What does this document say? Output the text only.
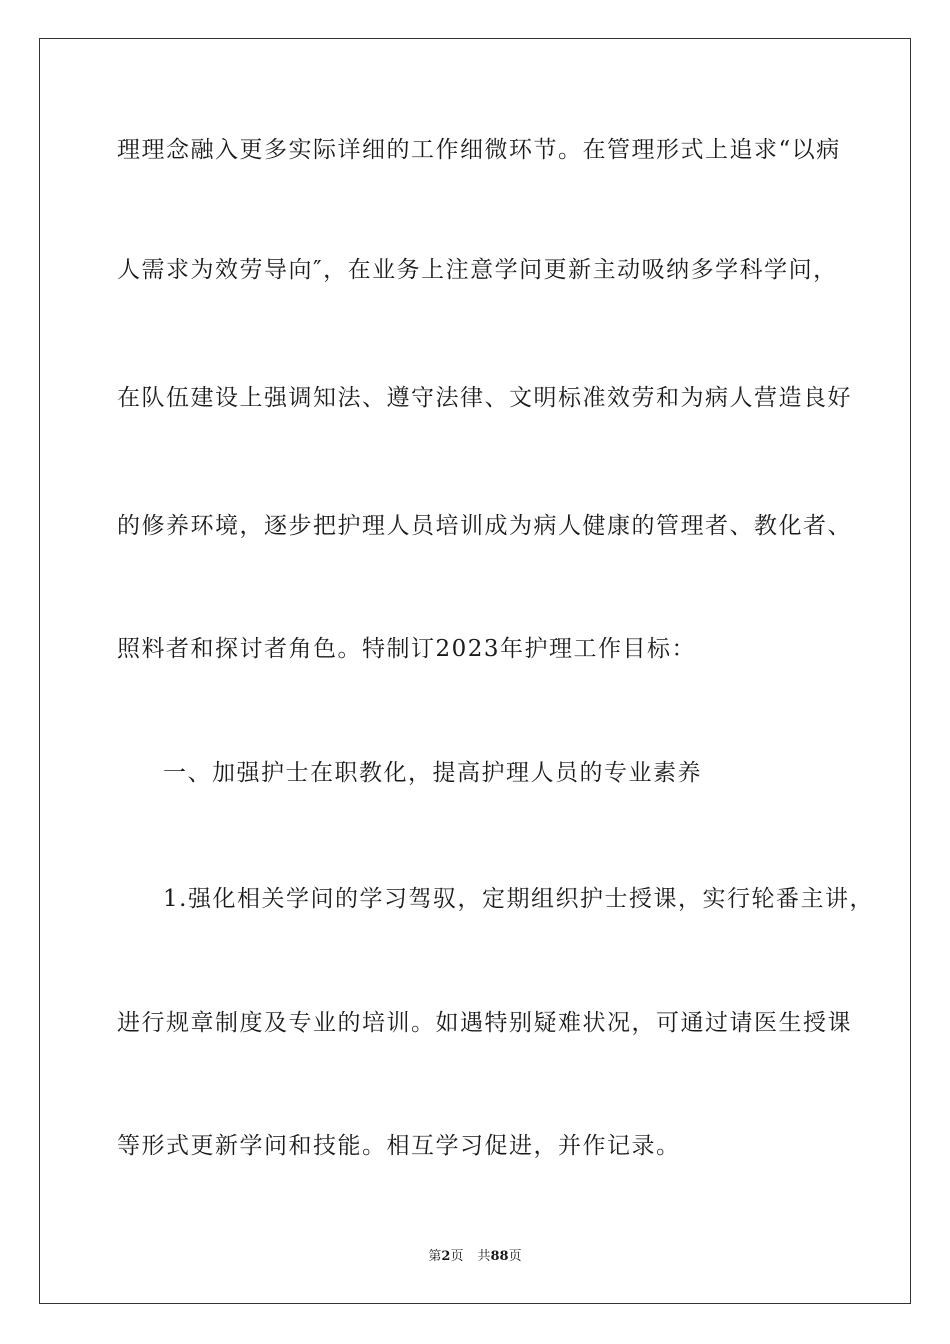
理理念融入更多实际详细的工作细微环节。在管理形式上追求“以病
人需求为效劳导向″，在业务上注意学问更新主动吸纳多学科学问，
在队伍建设上强调知法、遵守法律、文明标准效劳和为病人营造良好
的修养环境，逐步把护理人员培训成为病人健康的管理者、教化者、
照料者和探讨者角色。特制订2023年护理工作目标：
一、加强护士在职教化，提高护理人员的专业素养
1.强化相关学问的学习驾驭，定期组织护士授课，实行轮番主讲，
进行规章制度及专业的培训。如遇特别疑难状况，可通过请医生授课
等形式更新学问和技能。相互学习促进，并作记录。
第2页 共88页
